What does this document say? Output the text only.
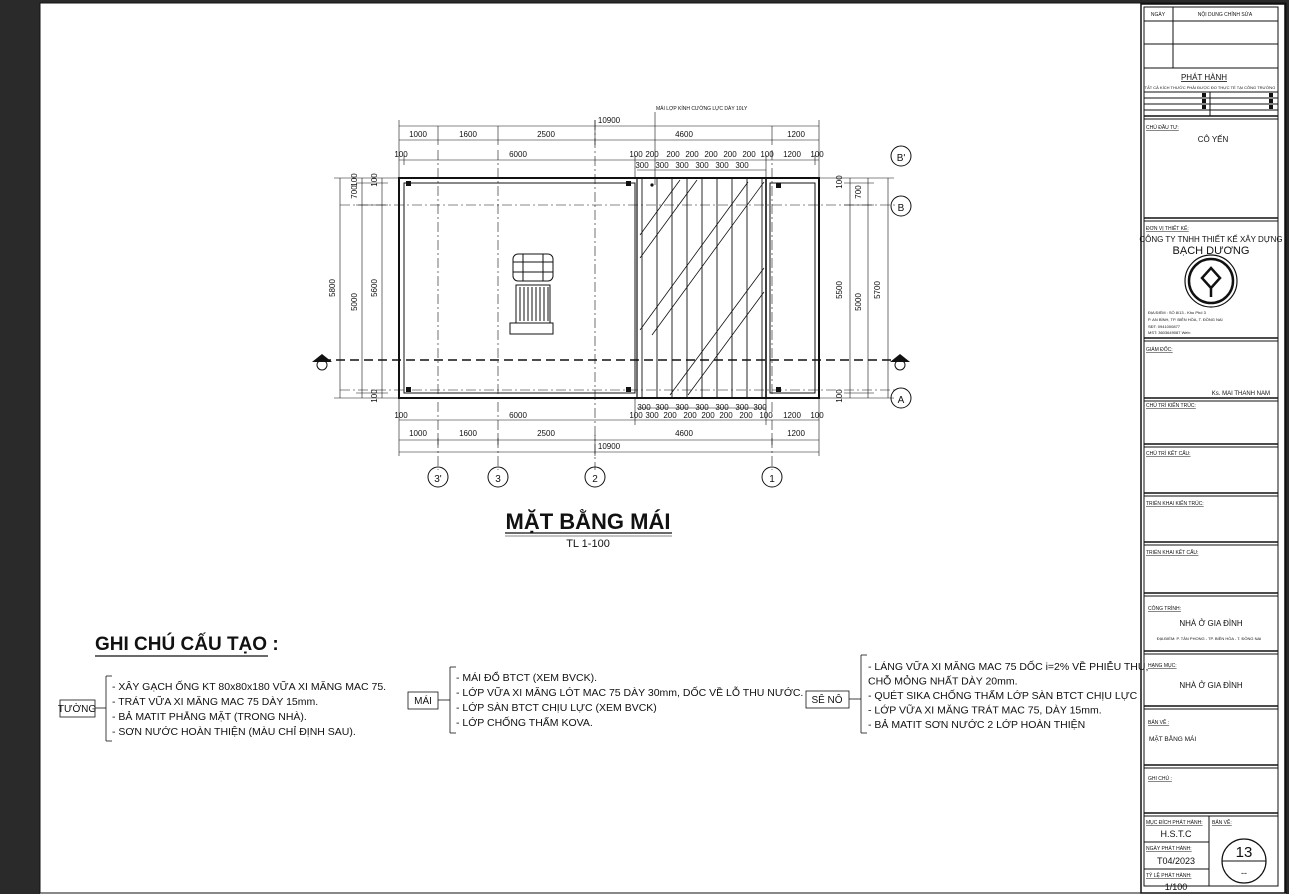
NGÀY	NỘI DUNG CHỈNH SỬA
PHÁT HÀNH
TẤT CẢ KÍCH THƯỚC PHẢI ĐƯỢC ĐO THỰC TẾ TẠI CÔNG TRƯỜNG
CHỦ ĐẦU TƯ:
CÔ YẾN
ĐƠN VỊ THIẾT KẾ:
CÔNG TY TNHH THIẾT KẾ XÂY DỰNG
BẠCH DƯƠNG
ĐỊA ĐIỂM : SỐ 8/13 - Khu Phố 3
P. AN BÌNH, TP. BIÊN HÒA, T. ĐỒNG NAI
SĐT: 0941000877
MST: 3603649087 Web:
GIÁM ĐỐC:
Ks. MAI THANH NAM
CHỦ TRÌ KIẾN TRÚC:
CHỦ TRÌ KẾT CẤU:
TRIỂN KHAI KIẾN TRÚC:
TRIỂN KHAI KẾT CẤU:
CÔNG TRÌNH:
NHÀ Ở GIA ĐÌNH
ĐỊA ĐIỂM: P. TÂN PHONG - TP. BIÊN HÒA - T. ĐỒNG NAI
HẠNG MỤC:
NHÀ Ở GIA ĐÌNH
BẢN VẼ :
MẶT BẰNG MÁI
GHI CHÚ :
MỤC ĐÍCH PHÁT HÀNH:
H.S.T.C
BẢN VẼ:
13
--
NGÀY PHÁT HÀNH:
T04/2023
TỶ LỆ PHÁT HÀNH:
1/100
MÁI LỢP KÍNH CƯỜNG LỰC DÀY 10LY
10900
10900
MẶT BẰNG MÁI
TL 1-100
1000	1600	2500	4600	1200
100	6000	100 200 200 200 200 200 200 100 1200 100
300 300 300 300 300 300
300 300 300 300 300 300 300
100	6000	100 300 200 200 200 200 200 100 1200 100
1000	1600	2500	4600	1200
5800
5000
5600
700
100 100
100
5500
5000
5700
700
100
100
3'	3	2	1
B'
B
A
GHI CHÚ CẤU TẠO :
TƯỜNG
MÁI	SÊ NÔ
- XÂY GẠCH ỐNG KT 80x80x180 VỮA XI MĂNG MAC 75.
- TRÁT VỮA XI MĂNG MAC 75 DÀY 15mm.
- BẢ MATIT PHẲNG MẶT (TRONG NHÀ).
- SƠN NƯỚC HOÀN THIỆN (MÀU CHỈ ĐỊNH SAU).
- MÁI ĐỔ BTCT (XEM BVCK).
- LỚP VỮA XI MĂNG LÓT MAC 75 DÀY 30mm, DỐC VỀ LỖ THU NƯỚC.
- LỚP SÀN BTCT CHỊU LỰC (XEM BVCK)
- LỚP CHỐNG THẤM KOVA.
- LÁNG VỮA XI MĂNG MAC 75 DỐC i=2% VỀ PHIỄU THU,
CHỖ MỎNG NHẤT DÀY 20mm.
- QUÉT SIKA CHỐNG THẤM LỚP SÀN BTCT CHỊU LỰC
- LỚP VỮA XI MĂNG TRÁT MAC 75, DÀY 15mm.
- BẢ MATIT SƠN NƯỚC 2 LỚP HOÀN THIỆN
